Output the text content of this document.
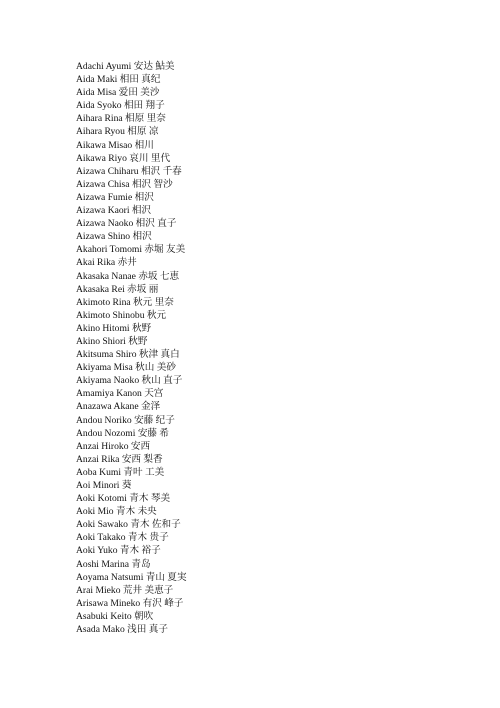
Adachi Ayumi 安达 鮎美
Aida Maki 相田 真纪
Aida Misa 爱田 美沙
Aida Syoko 相田 翔子
Aihara Rina 相原 里奈
Aihara Ryou 相原 凉
Aikawa Misao 相川
Aikawa Riyo 哀川 里代
Aizawa Chiharu 相沢 千春
Aizawa Chisa 相沢 智沙
Aizawa Fumie 相沢
Aizawa Kaori 相沢
Aizawa Naoko 相沢 直子
Aizawa Shino 相沢
Akahori Tomomi 赤堀 友美
Akai Rika 赤井
Akasaka Nanae 赤坂 七恵
Akasaka Rei 赤坂 丽
Akimoto Rina 秋元 里奈
Akimoto Shinobu 秋元
Akino Hitomi 秋野
Akino Shiori 秋野
Akitsuma Shiro 秋津 真白
Akiyama Misa 秋山 美砂
Akiyama Naoko 秋山 直子
Amamiya Kanon 天宫
Anazawa Akane 金泽
Andou Noriko 安藤 纪子
Andou Nozomi 安藤 希
Anzai Hiroko 安西
Anzai Rika 安西 梨香
Aoba Kumi 青叶 工美
Aoi Minori 葵
Aoki Kotomi 青木 琴美
Aoki Mio 青木 未央
Aoki Sawako 青木 佐和子
Aoki Takako 青木 贵子
Aoki Yuko 青木 裕子
Aoshi Marina 青岛
Aoyama Natsumi 青山 夏実
Arai Mieko 荒井 美恵子
Arisawa Mineko 有沢 峰子
Asabuki Keito 朝吹
Asada Mako 浅田 真子
